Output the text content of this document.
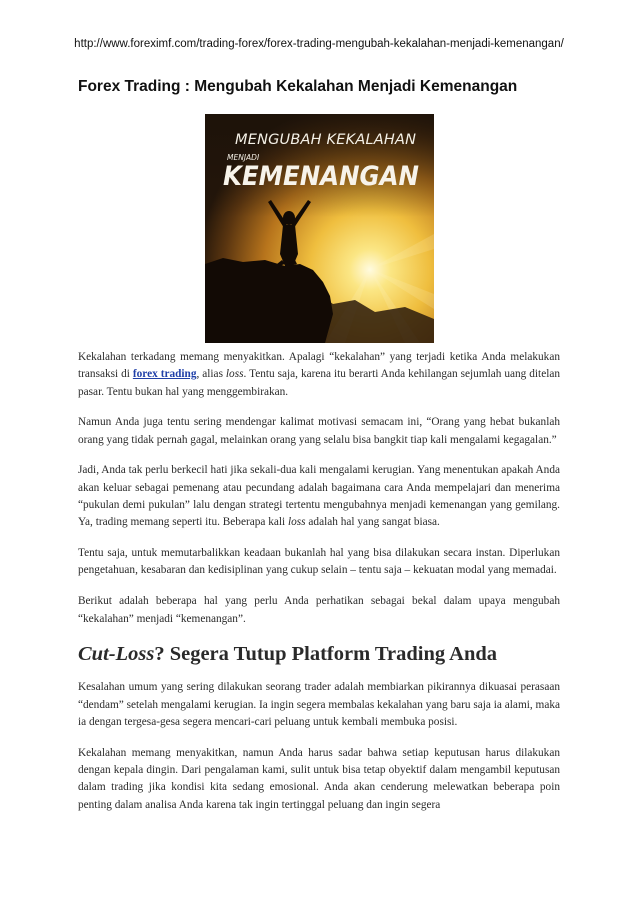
http://www.foreximf.com/trading-forex/forex-trading-mengubah-kekalahan-menjadi-kemenangan/
Forex Trading : Mengubah Kekalahan Menjadi Kemenangan
MENGUBAH KEKALAHAN
MENJADI
KEMENANGAN

Kekalahan terkadang memang menyakitkan. Apalagi “kekalahan” yang terjadi ketika Anda melakukan transaksi di forex trading, alias loss. Tentu saja, karena itu berarti Anda kehilangan sejumlah uang ditelan pasar. Tentu bukan hal yang menggembirakan.

Namun Anda juga tentu sering mendengar kalimat motivasi semacam ini, “Orang yang hebat bukanlah orang yang tidak pernah gagal, melainkan orang yang selalu bisa bangkit tiap kali mengalami kegagalan.”

Jadi, Anda tak perlu berkecil hati jika sekali-dua kali mengalami kerugian. Yang menentukan apakah Anda akan keluar sebagai pemenang atau pecundang adalah bagaimana cara Anda mempelajari dan menerima “pukulan demi pukulan” lalu dengan strategi tertentu mengubahnya menjadi kemenangan yang gemilang. Ya, trading memang seperti itu. Beberapa kali loss adalah hal yang sangat biasa.

Tentu saja, untuk memutarbalikkan keadaan bukanlah hal yang bisa dilakukan secara instan. Diperlukan pengetahuan, kesabaran dan kedisiplinan yang cukup selain – tentu saja – kekuatan modal yang memadai.

Berikut adalah beberapa hal yang perlu Anda perhatikan sebagai bekal dalam upaya mengubah “kekalahan” menjadi “kemenangan”.

Cut-Loss? Segera Tutup Platform Trading Anda

Kesalahan umum yang sering dilakukan seorang trader adalah membiarkan pikirannya dikuasai perasaan “dendam” setelah mengalami kerugian. Ia ingin segera membalas kekalahan yang baru saja ia alami, maka ia dengan tergesa-gesa segera mencari-cari peluang untuk kembali membuka posisi.

Kekalahan memang menyakitkan, namun Anda harus sadar bahwa setiap keputusan harus dilakukan dengan kepala dingin. Dari pengalaman kami, sulit untuk bisa tetap obyektif dalam mengambil keputusan dalam trading jika kondisi kita sedang emosional. Anda akan cenderung melewatkan beberapa poin penting dalam analisa Anda karena tak ingin tertinggal peluang dan ingin segera
